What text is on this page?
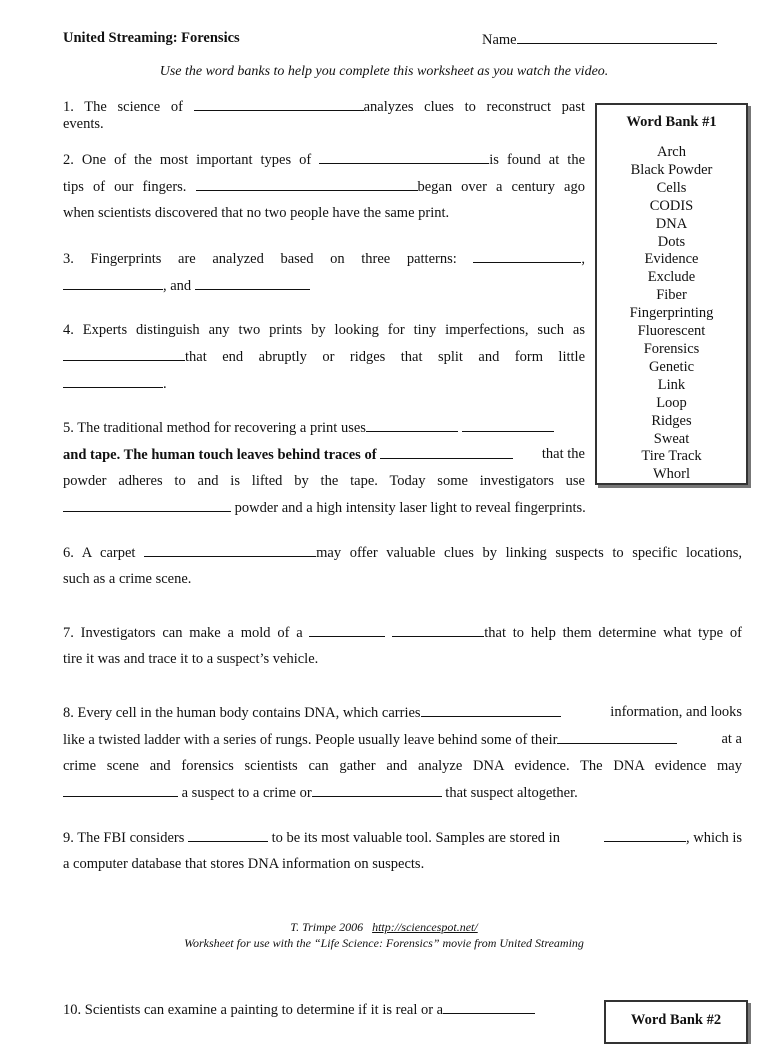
United Streaming: Forensics	Name
Use the word banks to help you complete this worksheet as you watch the video.
Word Bank #1
Arch
Black Powder
Cells
CODIS
DNA
Dots
Evidence
Exclude
Fiber
Fingerprinting
Fluorescent
Forensics
Genetic
Link
Loop
Ridges
Sweat
Tire Track
Whorl
1. The science of	analyzes clues to reconstruct past
events.
2. One of the most important types of	is found at the
tips of our fingers.	began over a century ago
when scientists discovered that no two people have the same print.
3. Fingerprints are analyzed based on three patterns:	,
, and
4. Experts distinguish any two prints by looking for tiny imperfections, such as
that end abruptly or ridges that split and form little
.
5. The traditional method for recovering a print uses
and tape. The human touch leaves behind traces of	that the
powder adheres to and is lifted by the tape. Today some investigators use
powder and a high intensity laser light to reveal fingerprints.
6. A carpet	may offer valuable clues by linking suspects to specific locations,
such as a crime scene.
7. Investigators can make a mold of a	that to help them determine what type of
tire it was and trace it to a suspect’s vehicle.
8. Every cell in the human body contains DNA, which carries	information, and looks
like a twisted ladder with a series of rungs. People usually leave behind some of their	at a
crime scene and forensics scientists can gather and analyze DNA evidence. The DNA evidence may
a suspect to a crime or	that suspect altogether.
9. The FBI considers	to be its most valuable tool. Samples are stored in	, which is
a computer database that stores DNA information on suspects.
T. Trimpe 2006 http://sciencespot.net/
Worksheet for use with the “Life Science: Forensics” movie from United Streaming
10. Scientists can examine a painting to determine if it is real or a
Word Bank #2
